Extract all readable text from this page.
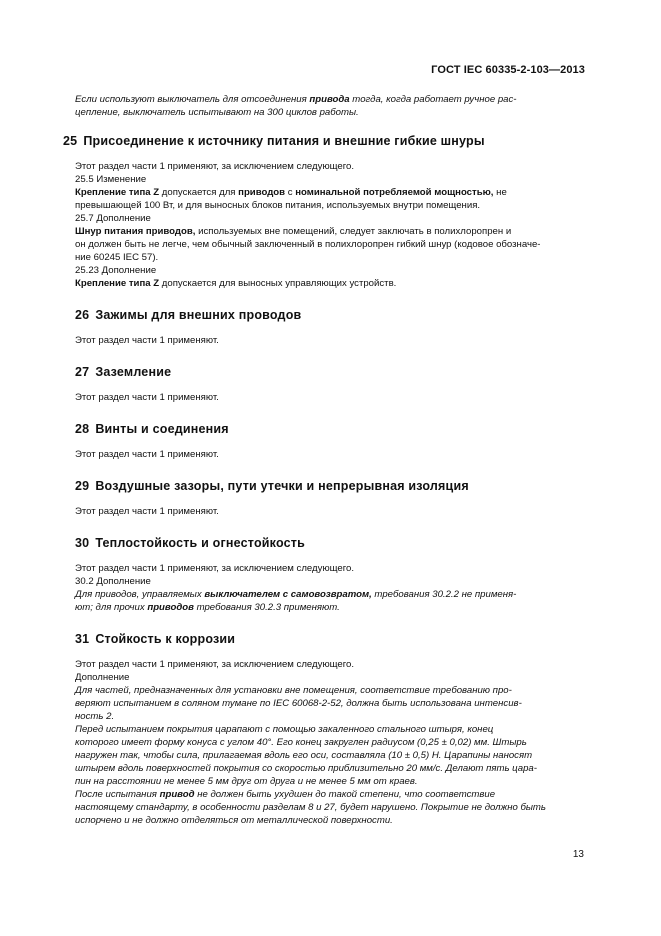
ГОСТ IEC 60335-2-103—2013

Если используют выключатель для отсоединения привода тогда, когда работает ручное рас-
цепление, выключатель испытывают на 300 циклов работы.

25 Присоединение к источнику питания и внешние гибкие шнуры

Этот раздел части 1 применяют, за исключением следующего.

25.5 Изменение

Крепление типа Z допускается для приводов с номинальной потребляемой мощностью, не
превышающей 100 Вт, и для выносных блоков питания, используемых внутри помещения.

25.7 Дополнение

Шнур питания приводов, используемых вне помещений, следует заключать в полихлоропрен и
он должен быть не легче, чем обычный заключенный в полихлоропрен гибкий шнур (кодовое обозначе-
ние 60245 IEC 57).

25.23 Дополнение

Крепление типа Z допускается для выносных управляющих устройств.

26 Зажимы для внешних проводов

Этот раздел части 1 применяют.

27 Заземление

Этот раздел части 1 применяют.

28 Винты и соединения

Этот раздел части 1 применяют.

29 Воздушные зазоры, пути утечки и непрерывная изоляция

Этот раздел части 1 применяют.

30 Теплостойкость и огнестойкость

Этот раздел части 1 применяют, за исключением следующего.

30.2 Дополнение

Для приводов, управляемых выключателем с самовозвратом, требования 30.2.2 не применя-
ют; для прочих приводов требования 30.2.3 применяют.

31 Стойкость к коррозии

Этот раздел части 1 применяют, за исключением следующего.

Дополнение

Для частей, предназначенных для установки вне помещения, соответствие требованию про-
веряют испытанием в соляном тумане по IEC 60068-2-52, должна быть использована интенсив-
ность 2.

Перед испытанием покрытия царапают с помощью закаленного стального штыря, конец
которого имеет форму конуса с углом 40°. Его конец закруглен радиусом (0,25 ± 0,02) мм. Штырь
нагружен так, чтобы сила, прилагаемая вдоль его оси, составляла (10 ± 0,5) Н. Царапины наносят
штырем вдоль поверхностей покрытия со скоростью приблизительно 20 мм/с. Делают пять цара-
пин на расстоянии не менее 5 мм друг от друга и не менее 5 мм от краев.

После испытания привод не должен быть ухудшен до такой степени, что соответствие
настоящему стандарту, в особенности разделам 8 и 27, будет нарушено. Покрытие не должно быть
испорчено и не должно отделяться от металлической поверхности.

13
